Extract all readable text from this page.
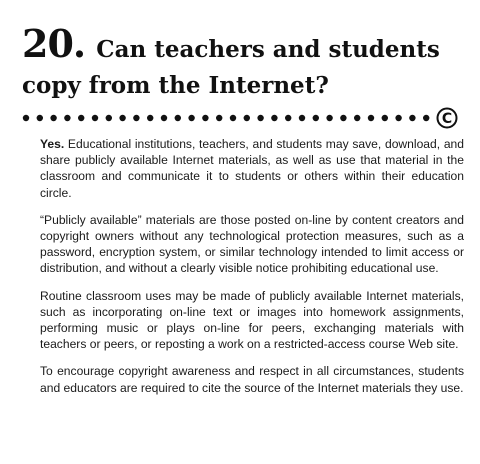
20. Can teachers and students copy from the Internet?
C

Yes. Educational institutions, teachers, and students may save, download, and share publicly available Internet materials, as well as use that material in the classroom and communicate it to students or others within their education circle.

“Publicly available” materials are those posted on-line by content creators and copyright owners without any technological protection measures, such as a password, encryption system, or similar technology intended to limit access or distribution, and without a clearly visible notice prohibiting educational use.

Routine classroom uses may be made of publicly available Internet materials, such as incorporating on-line text or images into homework assignments, performing music or plays on-line for peers, exchanging materials with teachers or peers, or reposting a work on a restricted-access course Web site.

To encourage copyright awareness and respect in all circumstances, students and educators are required to cite the source of the Internet materials they use.
